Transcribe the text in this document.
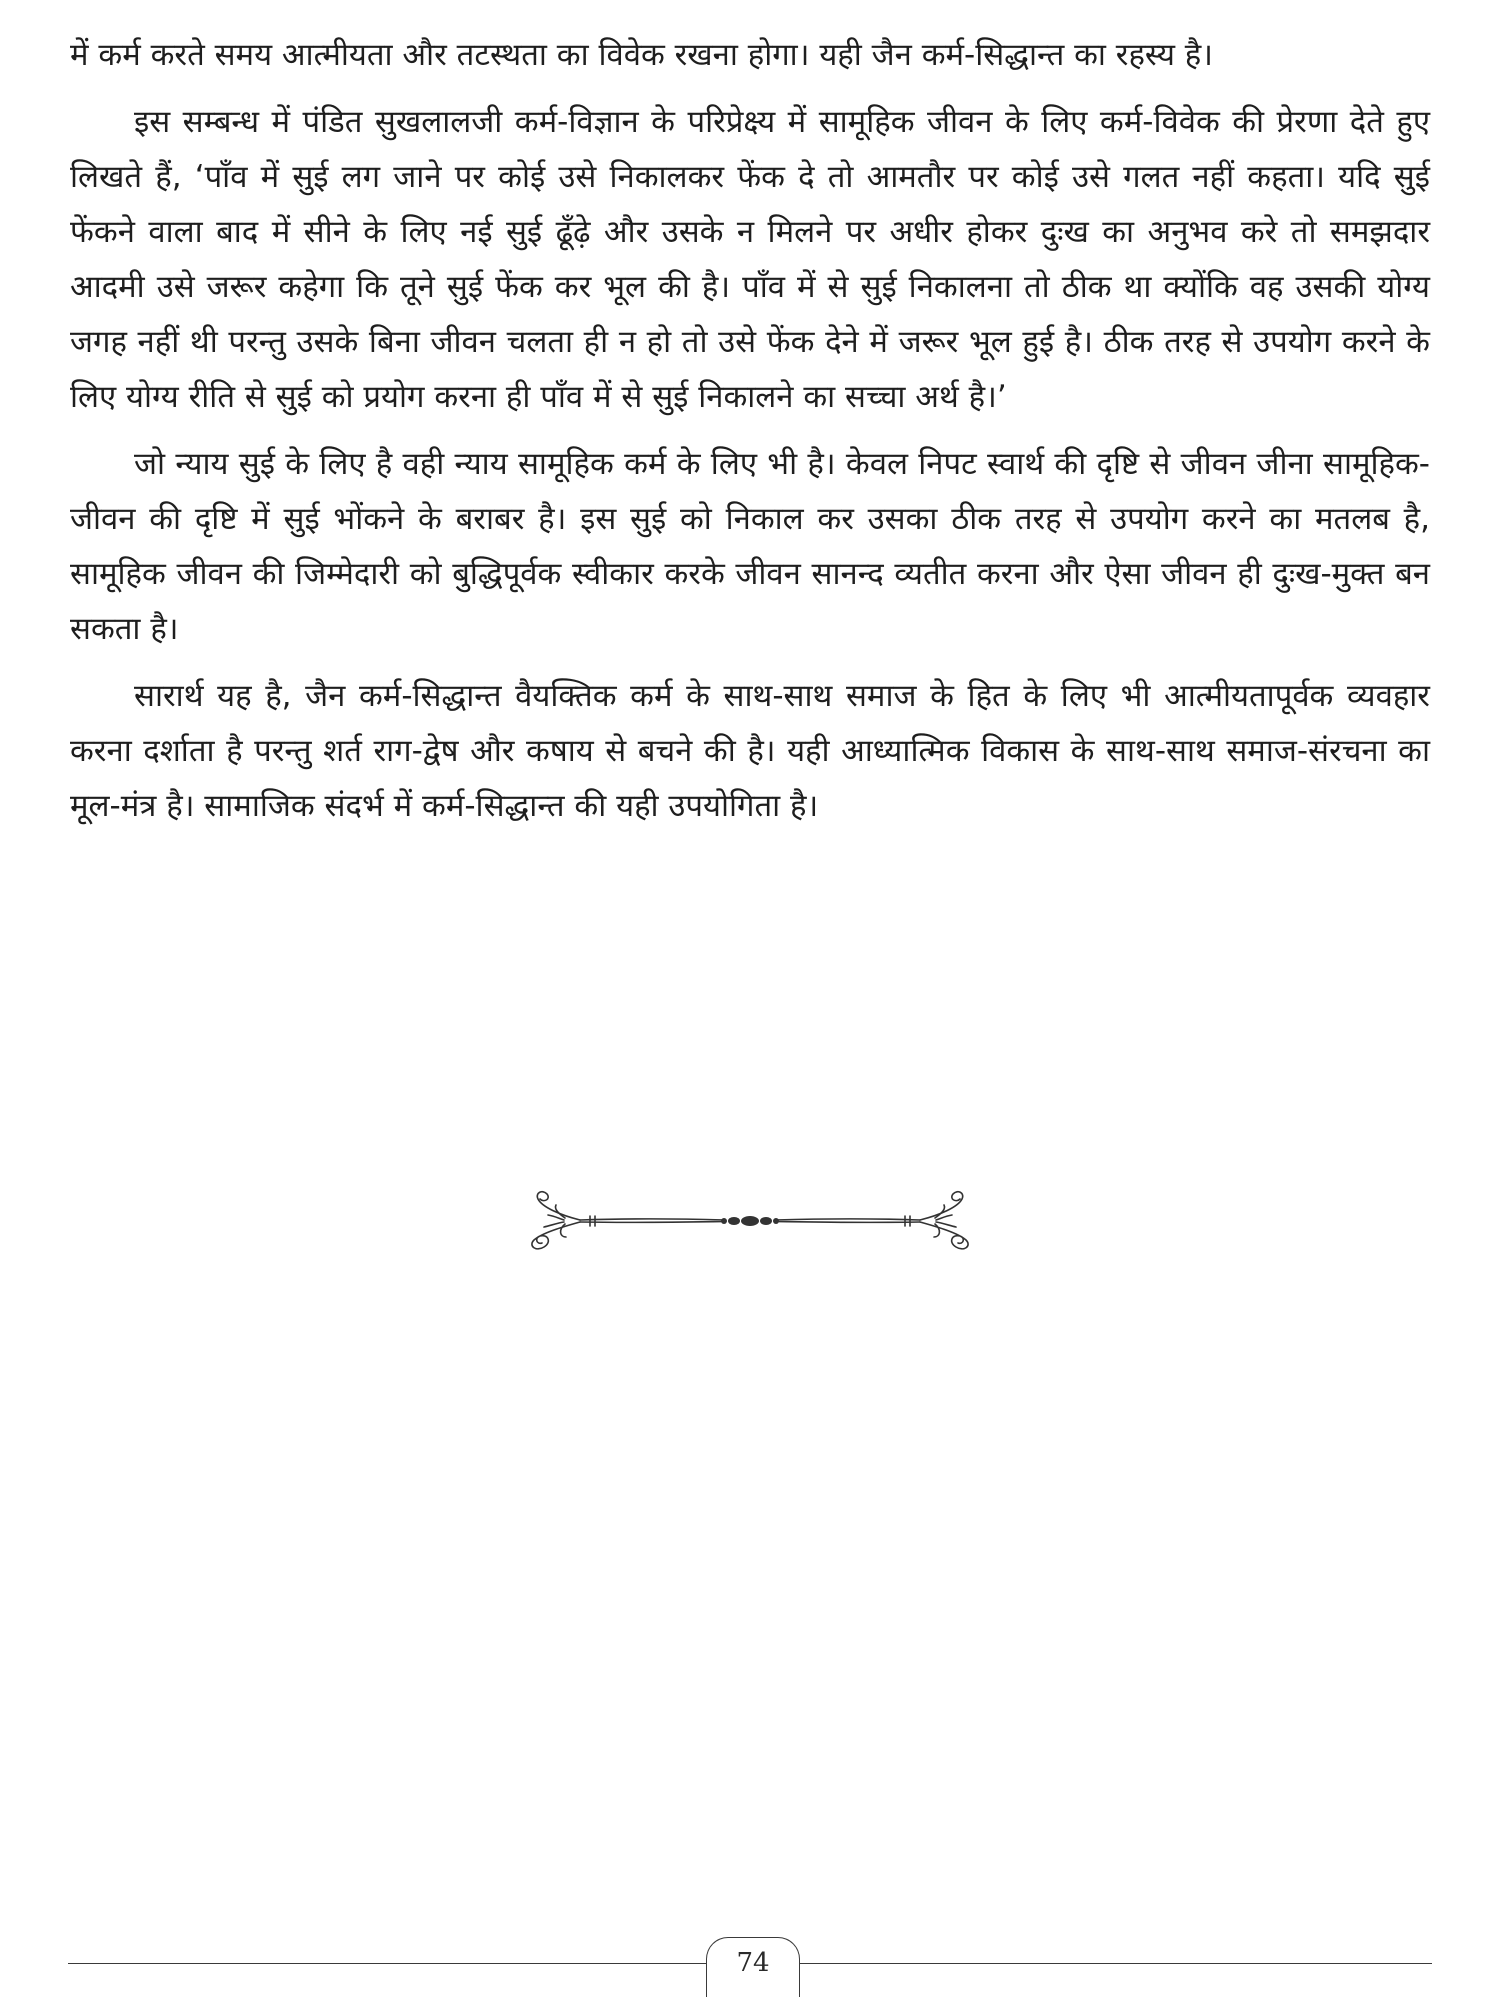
में कर्म करते समय आत्मीयता और तटस्थता का विवेक रखना होगा। यही जैन कर्म-सिद्धान्त का रहस्य है।

इस सम्बन्ध में पंडित सुखलालजी कर्म-विज्ञान के परिप्रेक्ष्य में सामूहिक जीवन के लिए कर्म-विवेक की प्रेरणा देते हुए लिखते हैं, ‘पाँव में सुई लग जाने पर कोई उसे निकालकर फेंक दे तो आमतौर पर कोई उसे गलत नहीं कहता। यदि सुई फेंकने वाला बाद में सीने के लिए नई सुई ढूँढ़े और उसके न मिलने पर अधीर होकर दुःख का अनुभव करे तो समझदार आदमी उसे जरूर कहेगा कि तूने सुई फेंक कर भूल की है। पाँव में से सुई निकालना तो ठीक था क्योंकि वह उसकी योग्य जगह नहीं थी परन्तु उसके बिना जीवन चलता ही न हो तो उसे फेंक देने में जरूर भूल हुई है। ठीक तरह से उपयोग करने के लिए योग्य रीति से सुई को प्रयोग करना ही पाँव में से सुई निकालने का सच्चा अर्थ है।’

जो न्याय सुई के लिए है वही न्याय सामूहिक कर्म के लिए भी है। केवल निपट स्वार्थ की दृष्टि से जीवन जीना सामूहिक-जीवन की दृष्टि में सुई भोंकने के बराबर है। इस सुई को निकाल कर उसका ठीक तरह से उपयोग करने का मतलब है, सामूहिक जीवन की जिम्मेदारी को बुद्धिपूर्वक स्वीकार करके जीवन सानन्द व्यतीत करना और ऐसा जीवन ही दुःख-मुक्त बन सकता है।

सारार्थ यह है, जैन कर्म-सिद्धान्त वैयक्तिक कर्म के साथ-साथ समाज के हित के लिए भी आत्मीयतापूर्वक व्यवहार करना दर्शाता है परन्तु शर्त राग-द्वेष और कषाय से बचने की है। यही आध्यात्मिक विकास के साथ-साथ समाज-संरचना का मूल-मंत्र है। सामाजिक संदर्भ में कर्म-सिद्धान्त की यही उपयोगिता है।

74
